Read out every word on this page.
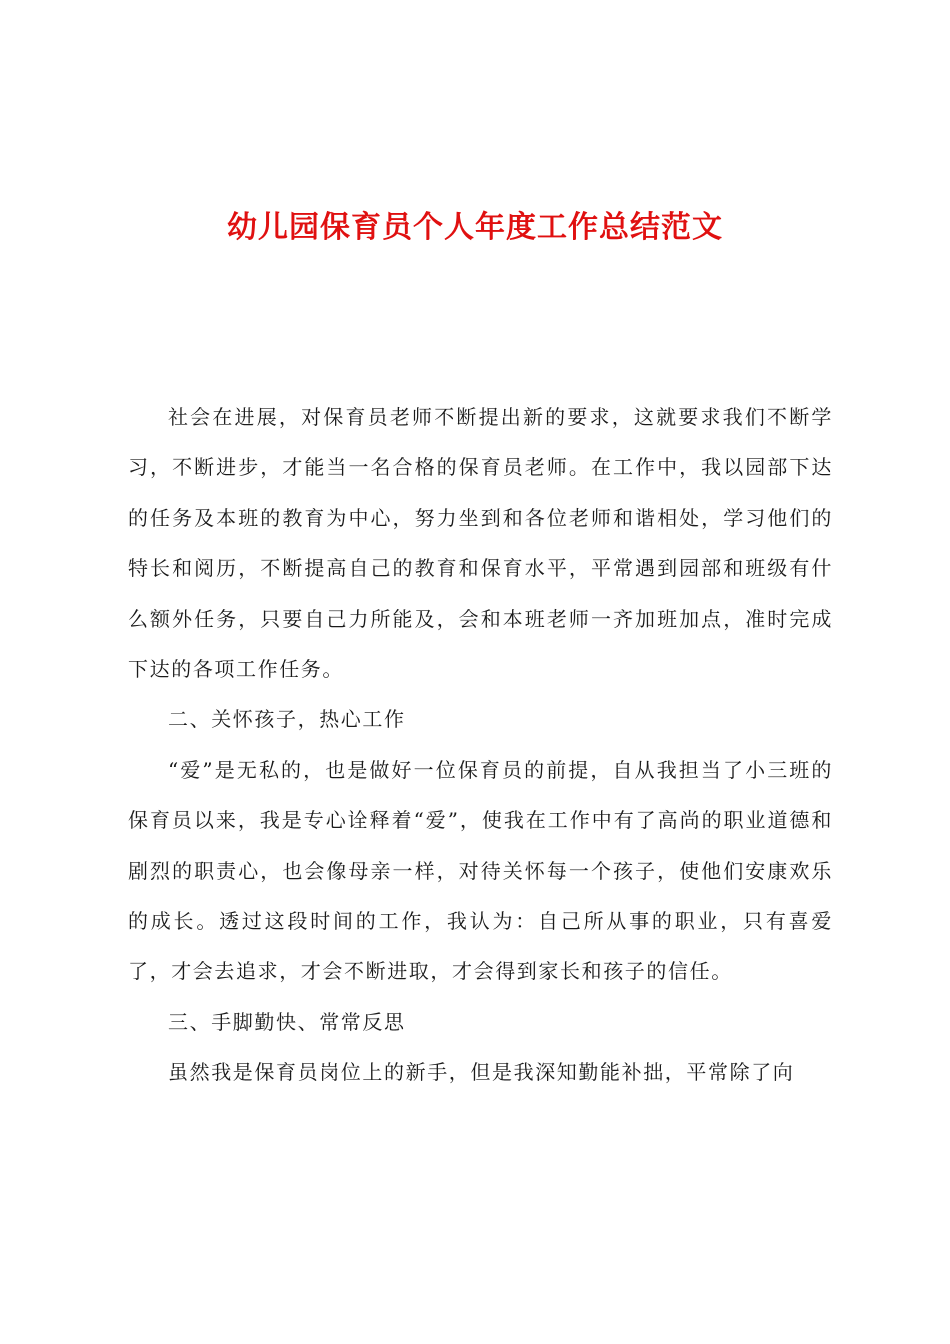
幼儿园保育员个人年度工作总结范文

社会在进展，对保育员老师不断提出新的要求，这就要求我们不断学习，不断进步，才能当一名合格的保育员老师。在工作中，我以园部下达的任务及本班的教育为中心，努力坐到和各位老师和谐相处，学习他们的特长和阅历，不断提高自己的教育和保育水平，平常遇到园部和班级有什么额外任务，只要自己力所能及，会和本班老师一齐加班加点，准时完成下达的各项工作任务。

二、关怀孩子，热心工作

“爱”是无私的，也是做好一位保育员的前提，自从我担当了小三班的保育员以来，我是专心诠释着“爱”，使我在工作中有了高尚的职业道德和剧烈的职责心，也会像母亲一样，对待关怀每一个孩子，使他们安康欢乐的成长。透过这段时间的工作，我认为：自己所从事的职业，只有喜爱了，才会去追求，才会不断进取，才会得到家长和孩子的信任。

三、手脚勤快、常常反思

虽然我是保育员岗位上的新手，但是我深知勤能补拙，平常除了向
